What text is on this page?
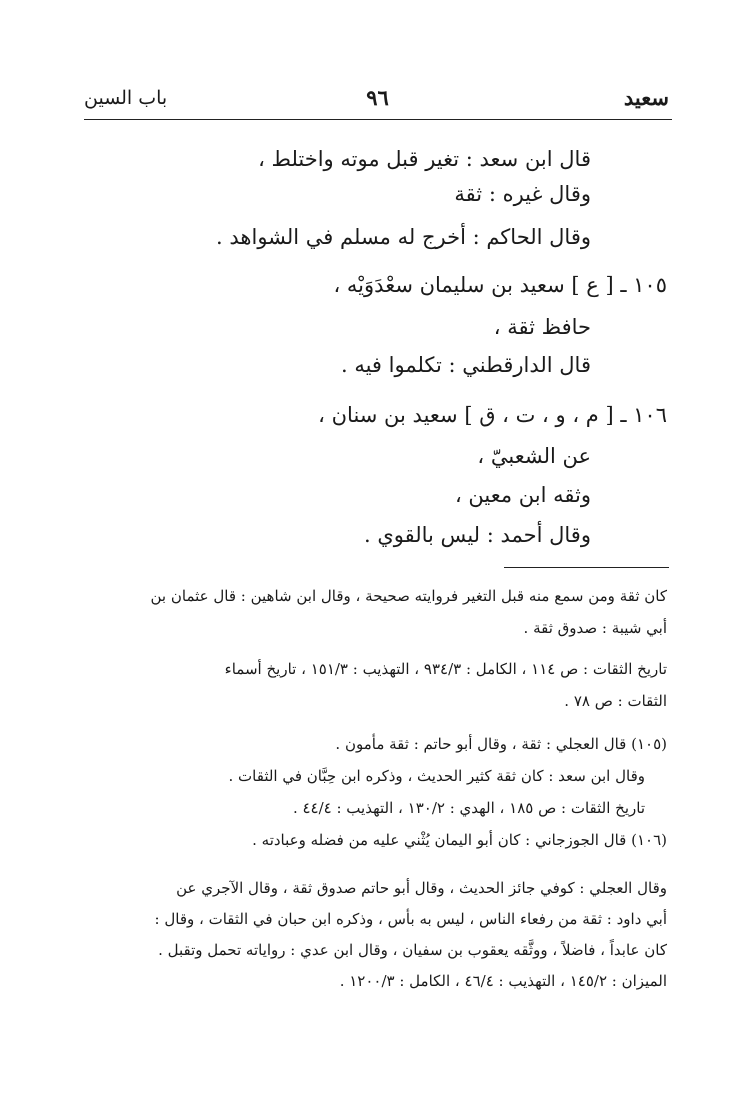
باب السين	٩٦	سعيد
قال ابن سعد : تغير قبل موته واختلط ،
وقال غيره : ثقة
وقال الحاكم : أخرج له مسلم في الشواهد .
١٠٥ ـ [ ع ] سعيد بن سليمان سعْدَوَيْه ،
حافظ ثقة ،
قال الدارقطني : تكلموا فيه .
١٠٦ ـ [ م ، و ، ت ، ق ] سعيد بن سنان ،
عن الشعبيّ ،
وثقه ابن معين ،
وقال أحمد : ليس بالقوي .
كان ثقة ومن سمع منه قبل التغير فروايته صحيحة ، وقال ابن شاهين : قال عثمان بن
أبي شيبة : صدوق ثقة .
تاريخ الثقات : ص ١١٤ ، الكامل : ٩٣٤/٣ ، التهذيب : ١٥١/٣ ، تاريخ أسماء
الثقات : ص ٧٨ .
(١٠٥) قال العجلي : ثقة ، وقال أبو حاتم : ثقة مأمون .
وقال ابن سعد : كان ثقة كثير الحديث ، وذكره ابن حِبَّان في الثقات .
تاريخ الثقات : ص ١٨٥ ، الهدي : ١٣٠/٢ ، التهذيب : ٤٤/٤ .
(١٠٦) قال الجوزجاني : كان أبو اليمان يُثْني عليه من فضله وعبادته .
وقال العجلي : كوفي جائز الحديث ، وقال أبو حاتم صدوق ثقة ، وقال الآجري عن
أبي داود : ثقة من رفعاء الناس ، ليس به بأس ، وذكره ابن حبان في الثقات ، وقال :
كان عابداً ، فاضلاً ، ووثَّقه يعقوب بن سفيان ، وقال ابن عدي : رواياته تحمل وتقبل .
الميزان : ١٤٥/٢ ، التهذيب : ٤٦/٤ ، الكامل : ١٢٠٠/٣ .
